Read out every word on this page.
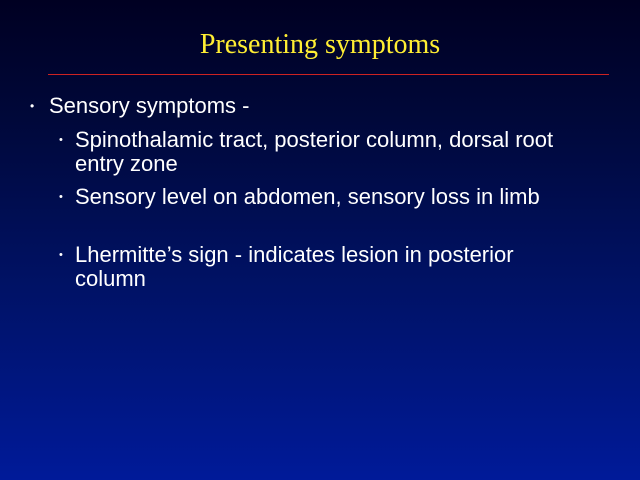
Presenting symptoms
• Sensory symptoms -
• Spinothalamic tract, posterior column, dorsal root entry zone
• Sensory level on abdomen, sensory loss in limb
• Lhermitte’s sign - indicates lesion in posterior column
